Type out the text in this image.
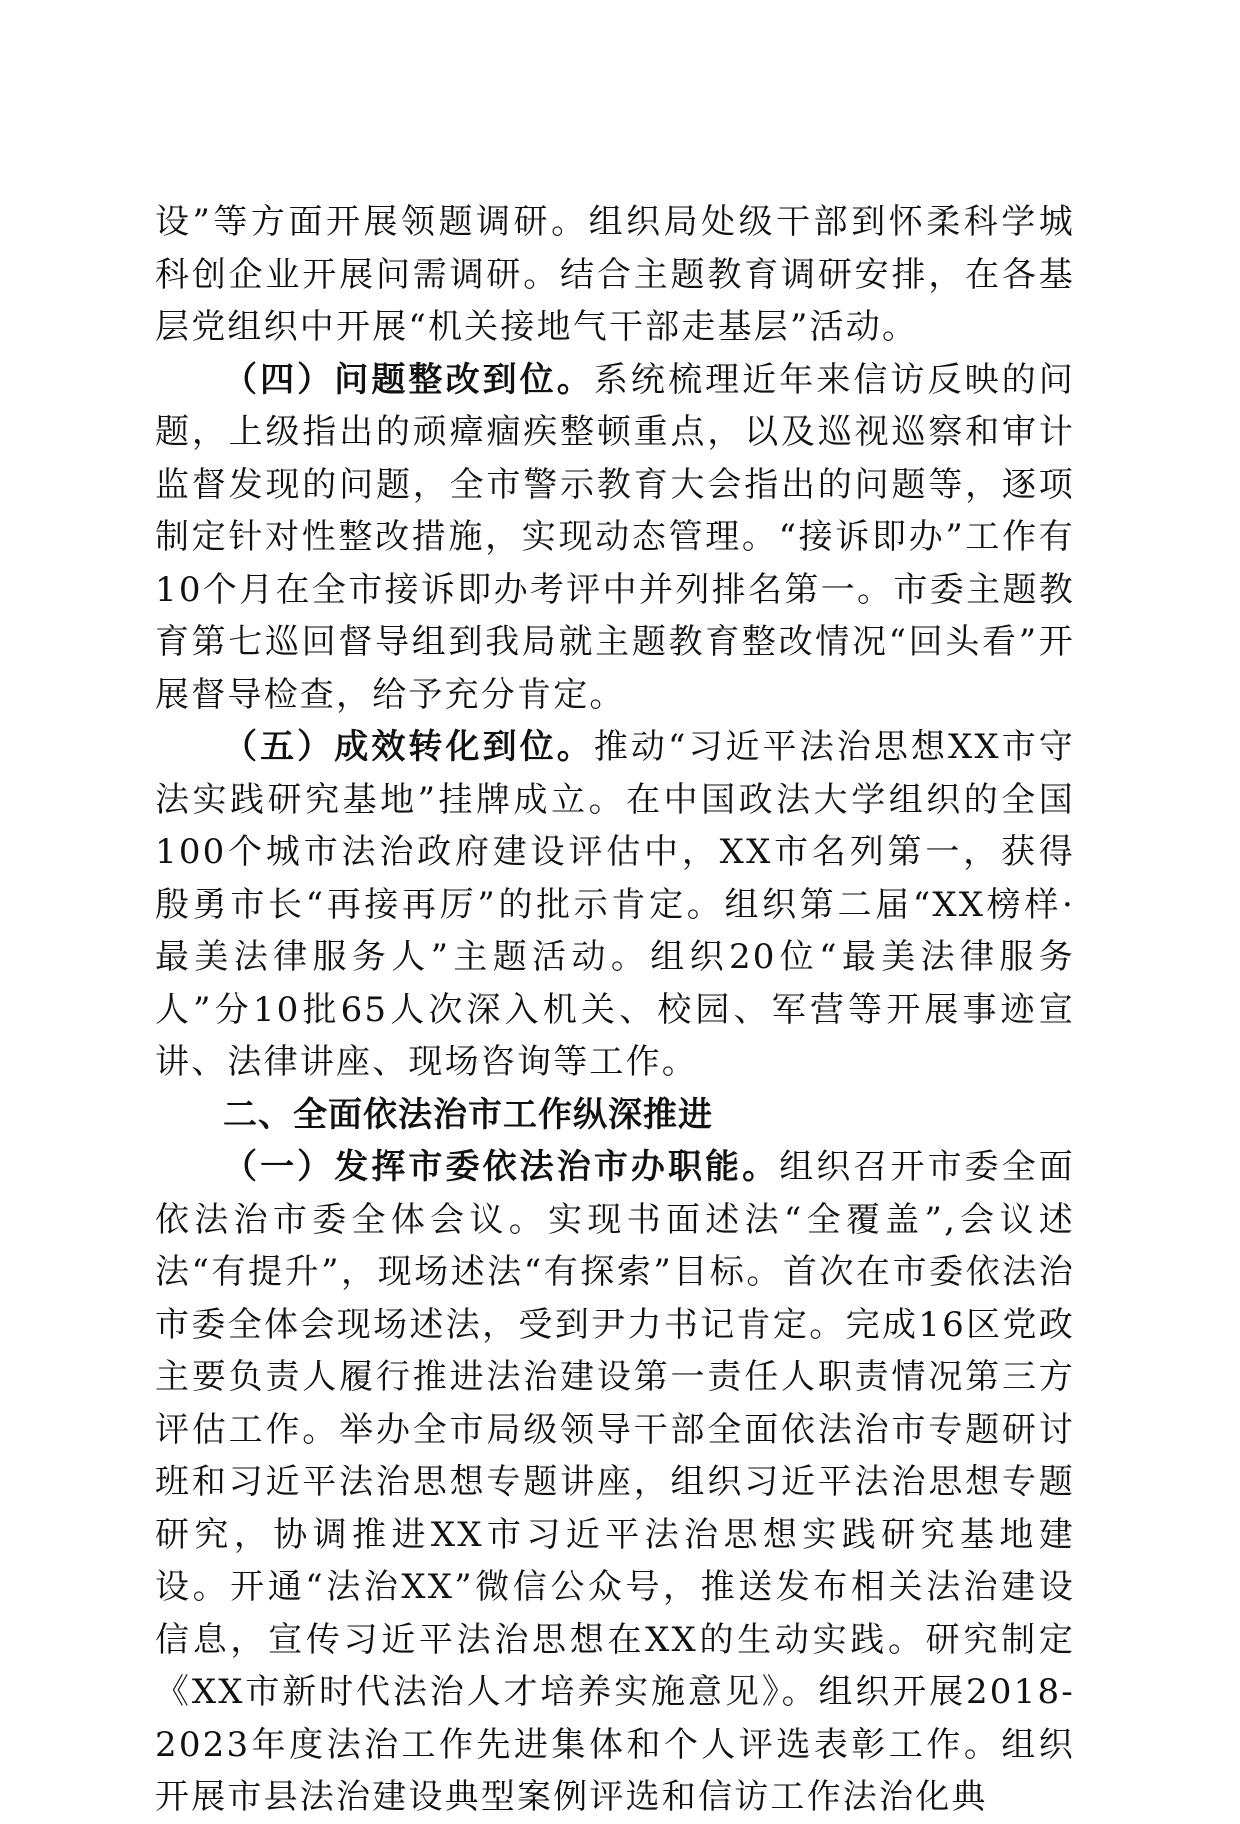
设”等方面开展领题调研。组织局处级干部到怀柔科学城科创企业开展问需调研。结合主题教育调研安排，在各基层党组织中开展“机关接地气干部走基层”活动。

（四）问题整改到位。系统梳理近年来信访反映的问题，上级指出的顽瘴痼疾整顿重点，以及巡视巡察和审计监督发现的问题，全市警示教育大会指出的问题等，逐项制定针对性整改措施，实现动态管理。“接诉即办”工作有10个月在全市接诉即办考评中并列排名第一。市委主题教育第七巡回督导组到我局就主题教育整改情况“回头看”开展督导检查，给予充分肯定。

（五）成效转化到位。推动“习近平法治思想XX市守法实践研究基地”挂牌成立。在中国政法大学组织的全国100个城市法治政府建设评估中，XX市名列第一，获得殷勇市长“再接再厉”的批示肯定。组织第二届“XX榜样·最美法律服务人”主题活动。组织20位“最美法律服务人”分10批65人次深入机关、校园、军营等开展事迹宣讲、法律讲座、现场咨询等工作。

二、全面依法治市工作纵深推进

（一）发挥市委依法治市办职能。组织召开市委全面依法治市委全体会议。实现书面述法“全覆盖”,会议述法“有提升”，现场述法“有探索”目标。首次在市委依法治市委全体会现场述法，受到尹力书记肯定。完成16区党政主要负责人履行推进法治建设第一责任人职责情况第三方评估工作。举办全市局级领导干部全面依法治市专题研讨班和习近平法治思想专题讲座，组织习近平法治思想专题研究，协调推进XX市习近平法治思想实践研究基地建设。开通“法治XX”微信公众号，推送发布相关法治建设信息，宣传习近平法治思想在XX的生动实践。研究制定《XX市新时代法治人才培养实施意见》。组织开展2018-2023年度法治工作先进集体和个人评选表彰工作。组织开展市县法治建设典型案例评选和信访工作法治化典
